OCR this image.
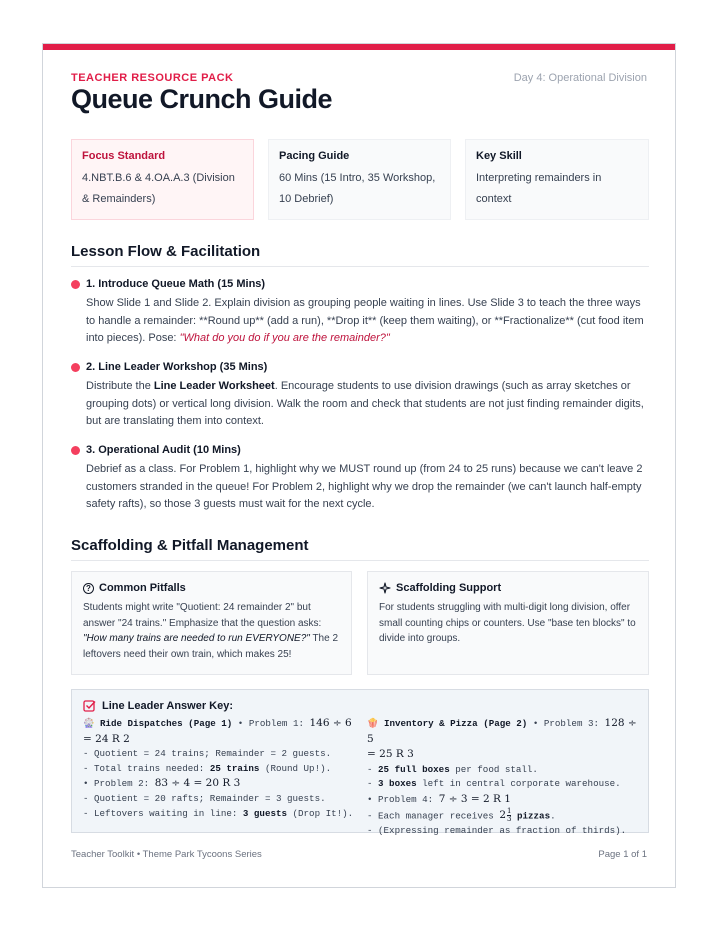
TEACHER RESOURCE PACK	Day 4: Operational Division
Queue Crunch Guide
Focus Standard

4.NBT.B.6 & 4.OA.A.3 (Division & Remainders)

Pacing Guide

60 Mins (15 Intro, 35 Workshop, 10 Debrief)

Key Skill

Interpreting remainders in context

Lesson Flow & Facilitation
1. Introduce Queue Math (15 Mins)
Show Slide 1 and Slide 2. Explain division as grouping people waiting in lines. Use Slide 3 to teach the three ways to handle a remainder: **Round up** (add a run), **Drop it** (keep them waiting), or **Fractionalize** (cut food item into pieces). Pose: "What do you do if you are the remainder?"
2. Line Leader Workshop (35 Mins)
Distribute the Line Leader Worksheet. Encourage students to use division drawings (such as array sketches or grouping dots) or vertical long division. Walk the room and check that students are not just finding remainder digits, but are translating them into context.
3. Operational Audit (10 Mins)
Debrief as a class. For Problem 1, highlight why we MUST round up (from 24 to 25 runs) because we can't leave 2 customers stranded in the queue! For Problem 2, highlight why we drop the remainder (we can't launch half-empty safety rafts), so those 3 guests must wait for the next cycle.
Scaffolding & Pitfall Management
? Common Pitfalls

Students might write "Quotient: 24 remainder 2" but answer "24 trains." Emphasize that the question asks: "How many trains are needed to run EVERYONE?" The 2 leftovers need their own train, which makes 25!

Scaffolding Support

For students struggling with multi-digit long division, offer small counting chips or counters. Use "base ten blocks" to divide into groups.

Line Leader Answer Key:
🎡 Ride Dispatches (Page 1) • Problem 1: 146 ÷ 6
= 24 R 2
- Quotient = 24 trains; Remainder = 2 guests.
- Total trains needed: 25 trains (Round Up!).
• Problem 2: 83 ÷ 4 = 20 R 3
- Quotient = 20 rafts; Remainder = 3 guests.
- Leftovers waiting in line: 3 guests (Drop It!).
🍿 Inventory & Pizza (Page 2) • Problem 3: 128 ÷ 5
= 25 R 3
- 25 full boxes per food stall.
- 3 boxes left in central corporate warehouse.
• Problem 4: 7 ÷ 3 = 2 R 1
- Each manager receives $2 \frac{1}{3}$ pizzas.
- (Expressing remainder as fraction of thirds).
Teacher Toolkit • Theme Park Tycoons Series	Page 1 of 1
